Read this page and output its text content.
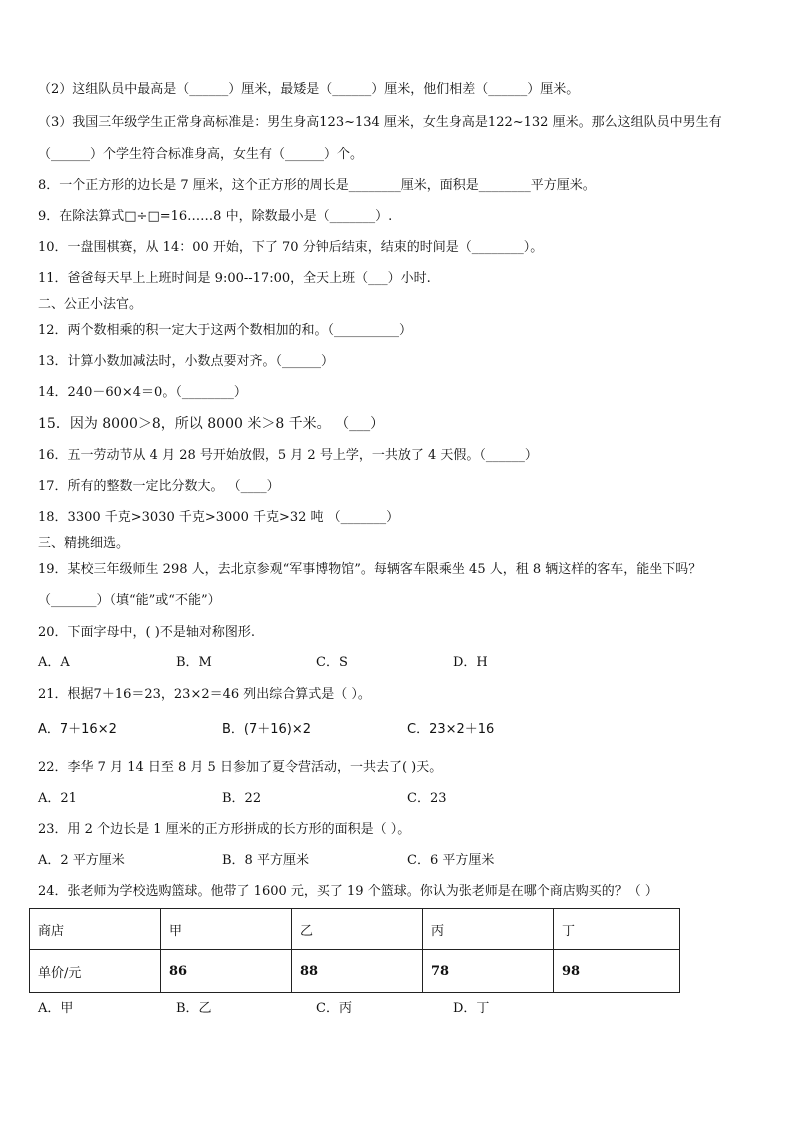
（2）这组队员中最高是（______）厘米，最矮是（______）厘米，他们相差（______）厘米。
（3）我国三年级学生正常身高标准是：男生身高123~134 厘米，女生身高是122~132 厘米。那么这组队员中男生有
（______）个学生符合标准身高，女生有（______）个。
8．一个正方形的边长是 7 厘米，这个正方形的周长是________厘米，面积是________平方厘米。
9．在除法算式□÷□=16……8 中，除数最小是（_______）.
10．一盘围棋赛，从 14：00 开始，下了 70 分钟后结束，结束的时间是（________）。
11．爸爸每天早上上班时间是 9:00--17:00，全天上班（___）小时.
二、公正小法官。
12．两个数相乘的积一定大于这两个数相加的和。（__________）
13．计算小数加减法时，小数点要对齐。（______）
14．240－60×4＝0。（________）
15．因为 8000＞8，所以 8000 米＞8 千米。 （___）
16．五一劳动节从 4 月 28 号开始放假，5 月 2 号上学，一共放了 4 天假。（______）
17．所有的整数一定比分数大。 （____）
18．3300 千克>3030 千克>3000 千克>32 吨 （_______）
三、精挑细选。
19．某校三年级师生 298 人，去北京参观“军事博物馆”。每辆客车限乘坐 45 人，租 8 辆这样的客车，能坐下吗？
（_______）（填“能”或“不能”）
20．下面字母中，( )不是轴对称图形.
A．A	B．M	C．S	D．H
21．根据7＋16＝23，23×2＝46 列出综合算式是（ ）。
A．7＋16×2	B．(7＋16)×2	C．23×2＋16
22．李华 7 月 14 日至 8 月 5 日参加了夏令营活动，一共去了( )天。
A．21	B．22	C．23
23．用 2 个边长是 1 厘米的正方形拼成的长方形的面积是（ ）。
A．2 平方厘米	B．8 平方厘米	C．6 平方厘米
24．张老师为学校选购篮球。他带了 1600 元，买了 19 个篮球。你认为张老师是在哪个商店购买的？（ ）
商店	甲	乙	丙	丁
单价/元	86	88	78	98
A．甲	B．乙	C．丙	D．丁
